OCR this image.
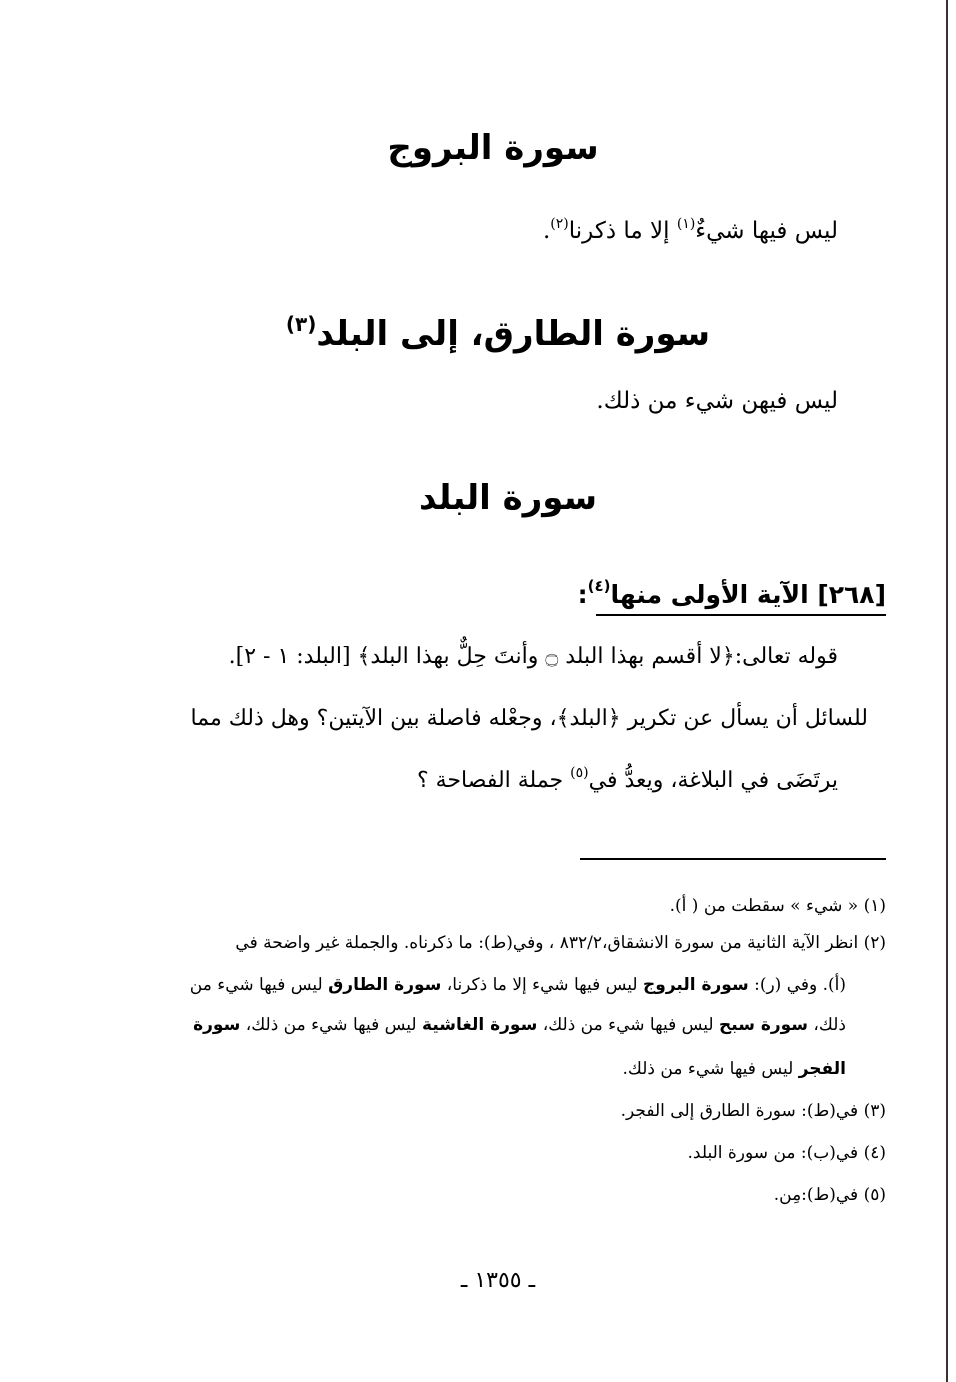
سورة البروج
ليس فيها شيءٌ$^{(١)}$ إلا ما ذكرنا$^{(٢)}$.
سورة الطارق، إلى البلد$^{(٣)}$
ليس فيهن شيء من ذلك.
سورة البلد
[٢٦٨] الآية الأولى منها$^{(٤)}$:
قوله تعالى:﴿لا أقسم بهذا البلد ۝ وأنتَ حِلٌّ بهذا البلد﴾ [البلد: ١ - ٢].
للسائل أن يسأل عن تكرير ﴿البلد﴾، وجعْله فاصلة بين الآيتين؟ وهل ذلك مما
يرتَضَى في البلاغة، ويعدُّ في$^{(٥)}$ جملة الفصاحة ؟
(١) « شيء » سقطت من ( أ).
(٢) انظر الآية الثانية من سورة الانشقاق،٨٣٢/٢ ، وفي(ط): ما ذكرناه. والجملة غير واضحة في
(أ). وفي (ر): سورة البروج ليس فيها شيء إلا ما ذكرنا، سورة الطارق ليس فيها شيء من
ذلك، سورة سبح ليس فيها شيء من ذلك، سورة الغاشية ليس فيها شيء من ذلك، سورة
الفجر ليس فيها شيء من ذلك.
(٣) في(ط): سورة الطارق إلى الفجر.
(٤) في(ب): من سورة البلد.
(٥) في(ط):مِن.
ـ ١٣٥٥ ـ
